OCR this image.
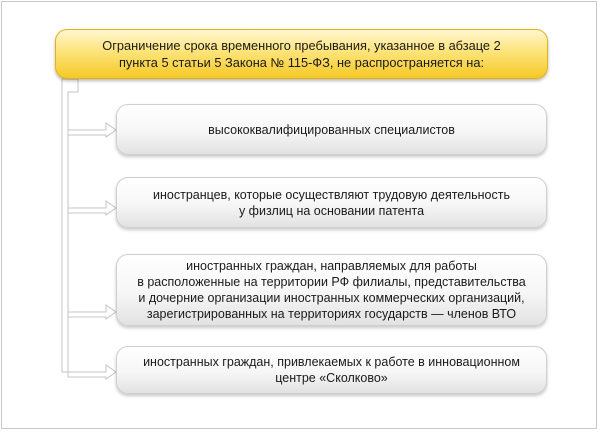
Ограничение срока временного пребывания, указанное в абзаце 2
пункта 5 статьи 5 Закона № 115-ФЗ, не распространяется на:
высококвалифицированных специалистов
иностранцев, которые осуществляют трудовую деятельность
у физлиц на основании патента
иностранных граждан, направляемых для работы
в расположенные на территории РФ филиалы, представительства
и дочерние организации иностранных коммерческих организаций,
зарегистрированных на территориях государств — членов ВТО
иностранных граждан, привлекаемых к работе в инновационном
центре «Сколково»
